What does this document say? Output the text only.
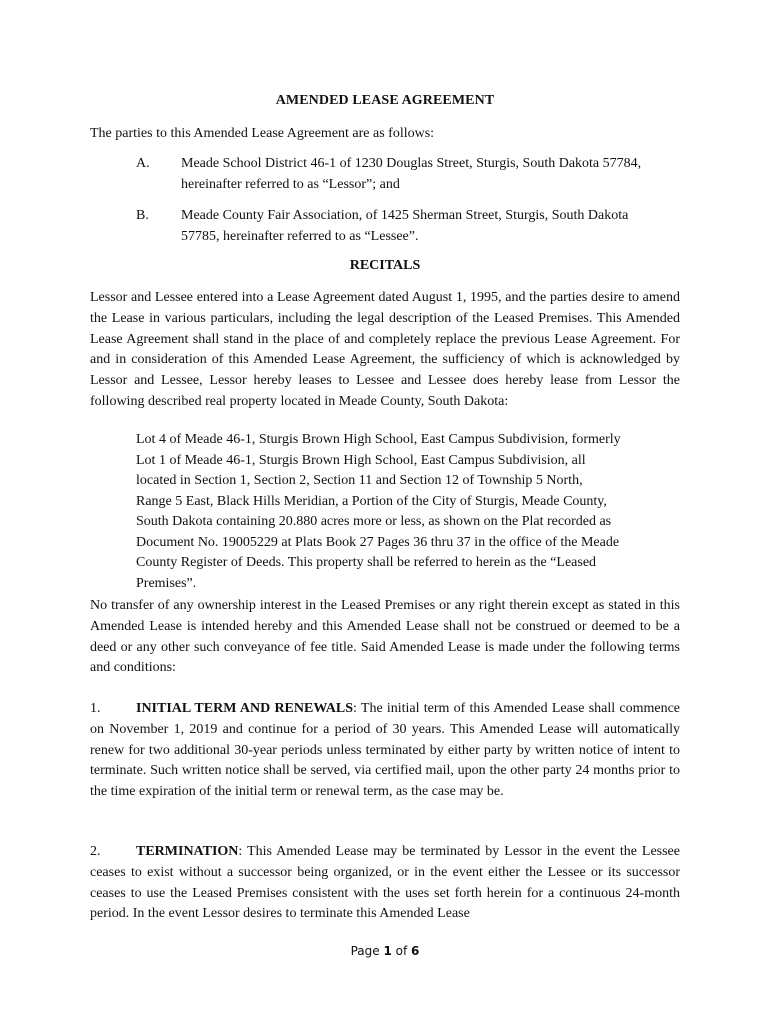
AMENDED LEASE AGREEMENT
The parties to this Amended Lease Agreement are as follows:
A. Meade School District 46-1 of 1230 Douglas Street, Sturgis, South Dakota 57784,
hereinafter referred to as “Lessor”; and
B. Meade County Fair Association, of 1425 Sherman Street, Sturgis, South Dakota
57785, hereinafter referred to as “Lessee”.
RECITALS
Lessor and Lessee entered into a Lease Agreement dated August 1, 1995, and the parties desire to amend the Lease in various particulars, including the legal description of the Leased Premises. This Amended Lease Agreement shall stand in the place of and completely replace the previous Lease Agreement. For and in consideration of this Amended Lease Agreement, the sufficiency of which is acknowledged by Lessor and Lessee, Lessor hereby leases to Lessee and Lessee does hereby lease from Lessor the following described real property located in Meade County, South Dakota:
Lot 4 of Meade 46-1, Sturgis Brown High School, East Campus Subdivision, formerly Lot 1 of Meade 46-1, Sturgis Brown High School, East Campus Subdivision, all located in Section 1, Section 2, Section 11 and Section 12 of Township 5 North, Range 5 East, Black Hills Meridian, a Portion of the City of Sturgis, Meade County, South Dakota containing 20.880 acres more or less, as shown on the Plat recorded as Document No. 19005229 at Plats Book 27 Pages 36 thru 37 in the office of the Meade County Register of Deeds. This property shall be referred to herein as the “Leased Premises”.
No transfer of any ownership interest in the Leased Premises or any right therein except as stated in this Amended Lease is intended hereby and this Amended Lease shall not be construed or deemed to be a deed or any other such conveyance of fee title. Said Amended Lease is made under the following terms and conditions:
1.	INITIAL TERM AND RENEWALS: The initial term of this Amended Lease shall commence on November 1, 2019 and continue for a period of 30 years. This Amended Lease will automatically renew for two additional 30-year periods unless terminated by either party by written notice of intent to terminate. Such written notice shall be served, via certified mail, upon the other party 24 months prior to the time expiration of the initial term or renewal term, as the case may be.
2.	TERMINATION: This Amended Lease may be terminated by Lessor in the event the Lessee ceases to exist without a successor being organized, or in the event either the Lessee or its successor ceases to use the Leased Premises consistent with the uses set forth herein for a continuous 24-month period. In the event Lessor desires to terminate this Amended Lease
Page 1 of 6
